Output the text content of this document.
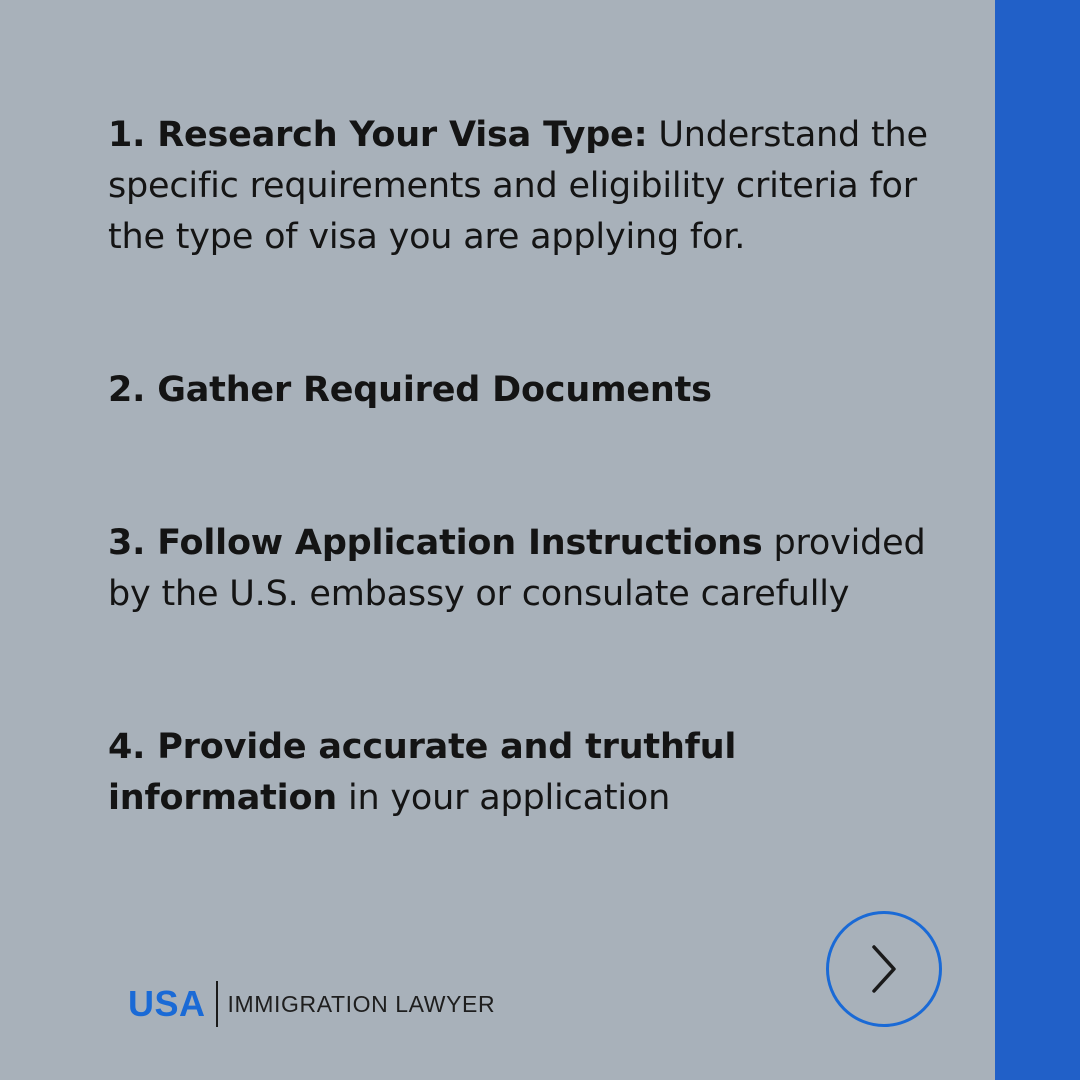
1. Research Your Visa Type: Understand the specific requirements and eligibility criteria for the type of visa you are applying for.
2. Gather Required Documents
3. Follow Application Instructions provided by the U.S. embassy or consulate carefully
4. Provide accurate and truthful information in your application
USA IMMIGRATION LAWYER
